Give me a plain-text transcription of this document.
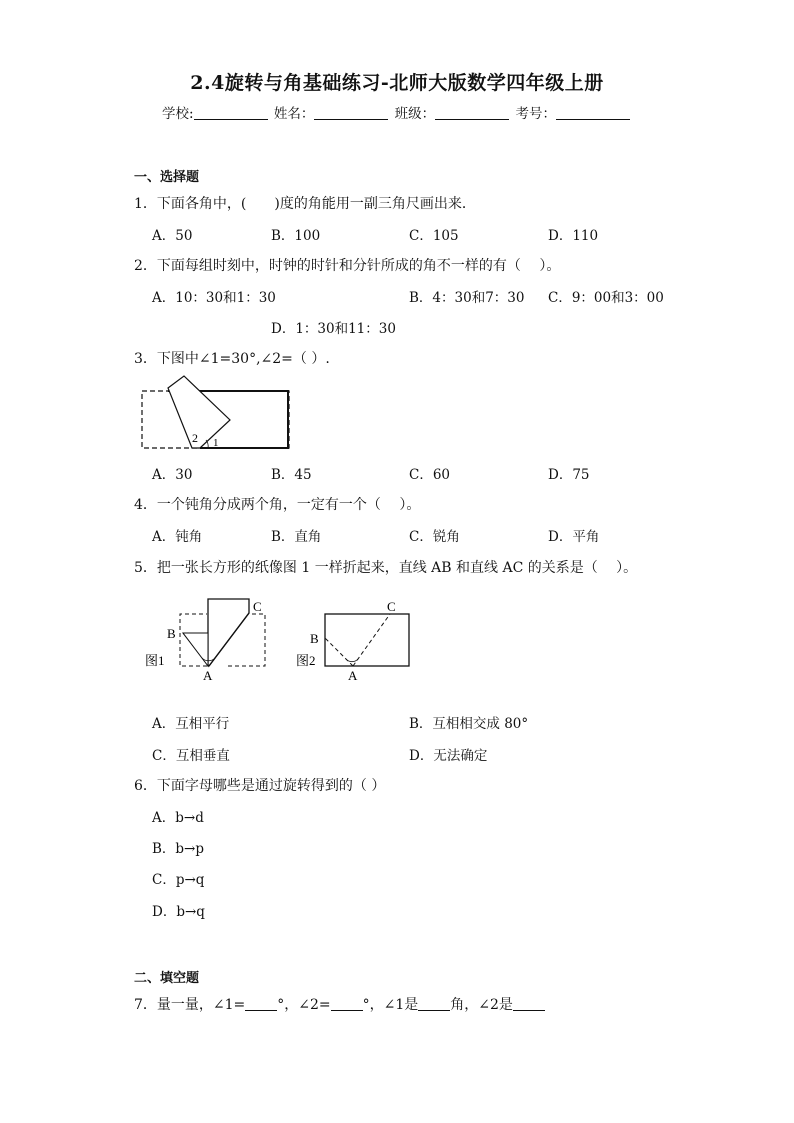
2.4旋转与角基础练习-北师大版数学四年级上册
学校:	姓名：	班级：	考号：
一、选择题
1．下面各角中，(　　)度的角能用一副三角尺画出来．
A．50	B．100	C．105	D．110
2．下面每组时刻中，时钟的时针和分针所成的角不一样的有（　 ）。
A．10：30和1：30	B．4：30和7：30 C．9：00和3：00
D．1：30和11：30
3．下图中∠1=30°,∠2=（ ）.
2 1
A．30	B．45	C．60	D．75
4．一个钝角分成两个角，一定有一个（　 ）。
A．钝角	B．直角	C．锐角	D．平角
5．把一张长方形的纸像图 1 一样折起来，直线 AB 和直线 AC 的关系是（　 ）。
图1
B
C
A
图2
B
C
A
A．互相平行	B．互相相交成 80°
C．互相垂直	D．无法确定
6．下面字母哪些是通过旋转得到的（ ）
A．b→d
B．b→p
C．p→q
D．b→q
二、填空题
7．量一量，∠1= °，∠2= °，∠1是 角，∠2是
